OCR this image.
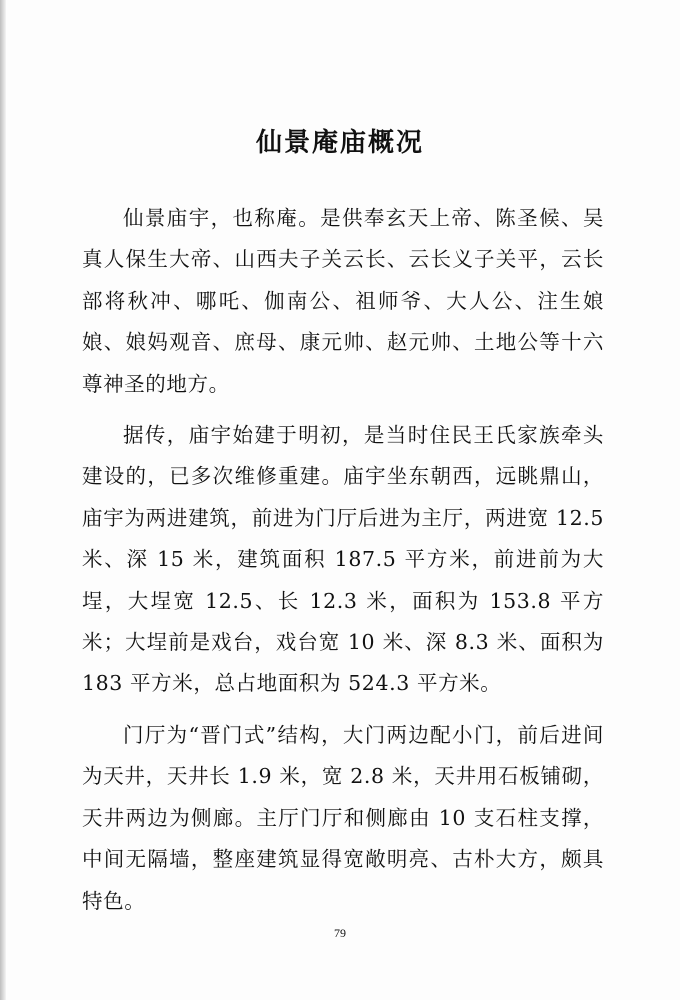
仙景庵庙概况

仙景庙宇，也称庵。是供奉玄天上帝、陈圣候、吴真人保生大帝、山西夫子关云长、云长义子关平，云长部将秋冲、哪吒、伽南公、祖师爷、大人公、注生娘娘、娘妈观音、庶母、康元帅、赵元帅、土地公等十六尊神圣的地方。

据传，庙宇始建于明初，是当时住民王氏家族牵头建设的，已多次维修重建。庙宇坐东朝西，远眺鼎山，庙宇为两进建筑，前进为门厅后进为主厅，两进宽 12.5 米、深 15 米，建筑面积 187.5 平方米，前进前为大埕，大埕宽 12.5、长 12.3 米，面积为 153.8 平方米；大埕前是戏台，戏台宽 10 米、深 8.3 米、面积为 183 平方米，总占地面积为 524.3 平方米。

门厅为“晋门式”结构，大门两边配小门，前后进间为天井，天井长 1.9 米，宽 2.8 米，天井用石板铺砌，天井两边为侧廊。主厅门厅和侧廊由 10 支石柱支撑，中间无隔墙，整座建筑显得宽敞明亮、古朴大方，颇具特色。

79
